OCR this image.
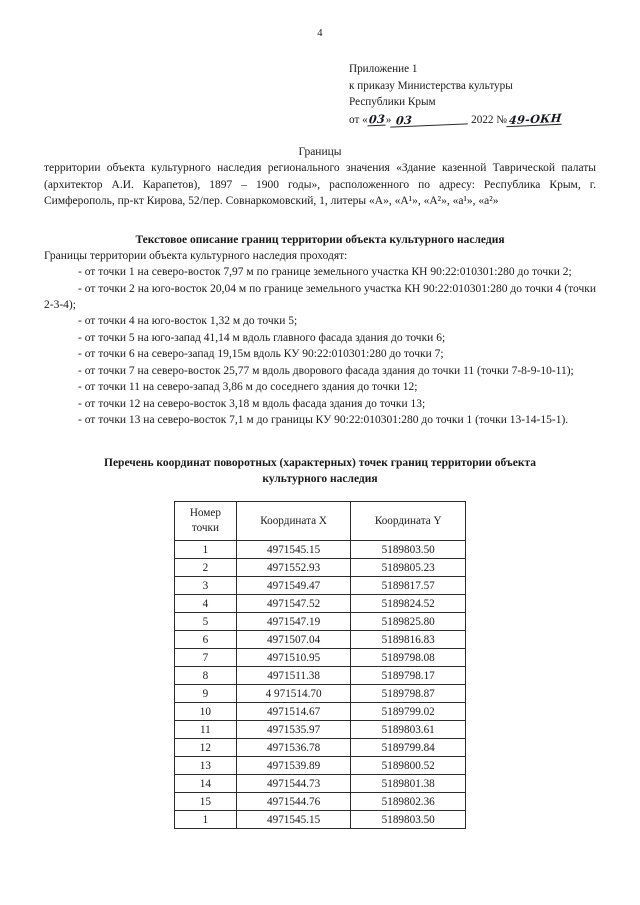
4
Приложение 1
к приказу Министерства культуры
Республики Крым
от « 03 » 03
	2022
№ 49-ОКН
Границы

территории объекта культурного наследия регионального значения «Здание казенной Таврической палаты (архитектор А.И. Карапетов), 1897 – 1900 годы», расположенного по адресу: Республика Крым, г. Симферополь, пр-кт Кирова, 52/пер. Совнаркомовский, 1, литеры «А», «А¹», «А²», «а¹», «а²»

Текстовое описание границ территории объекта культурного наследия

Границы территории объекта культурного наследия проходят:

- от точки 1 на северо-восток 7,97 м по границе земельного участка КН 90:22:010301:280 до точки 2;
- от точки 2 на юго-восток 20,04 м по границе земельного участка КН 90:22:010301:280 до точки 4 (точки 2-3-4);
- от точки 4 на юго-восток 1,32 м до точки 5;
- от точки 5 на юго-запад 41,14 м вдоль главного фасада здания до точки 6;
- от точки 6 на северо-запад 19,15м вдоль КУ 90:22:010301:280 до точки 7;
- от точки 7 на северо-восток 25,77 м вдоль дворового фасада здания до точки 11 (точки 7-8-9-10-11);
- от точки 11 на северо-запад 3,86 м до соседнего здания до точки 12;
- от точки 12 на северо-восток 3,18 м вдоль фасада здания до точки 13;
- от точки 13 на северо-восток 7,1 м до границы КУ 90:22:010301:280 до точки 1 (точки 13-14-15-1).
Перечень координат поворотных (характерных) точек границ территории объекта
культурного наследия
Номер
точки	Координата X	Координата Y
1	4971545.15	5189803.50
2	4971552.93	5189805.23
3	4971549.47	5189817.57
4	4971547.52	5189824.52
5	4971547.19	5189825.80
6	4971507.04	5189816.83
7	4971510.95	5189798.08
8	4971511.38	5189798.17
9	4 971514.70	5189798.87
10	4971514.67	5189799.02
11	4971535.97	5189803.61
12	4971536.78	5189799.84
13	4971539.89	5189800.52
14	4971544.73	5189801.38
15	4971544.76	5189802.36
1	4971545.15	5189803.50
